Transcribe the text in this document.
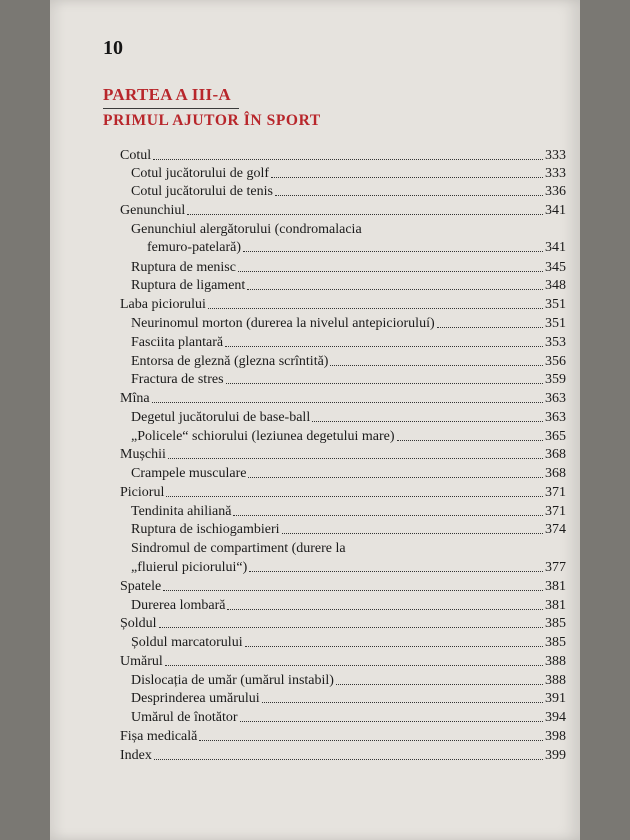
10
PARTEA A III-A
PRIMUL AJUTOR ÎN SPORT
Cotul	333
Cotul jucătorului de golf	333
Cotul jucătorului de tenis	336
Genunchiul	341
Genunchiul alergătorului (condromalacia
femuro-patelară)	341
Ruptura de menisc	345
Ruptura de ligament	348
Laba piciorului	351
Neurinomul morton (durerea la nivelul antepicioruluí)	351
Fasciita plantară	353
Entorsa de gleznă (glezna scrîntită)	356
Fractura de stres	359
Mîna	363
Degetul jucătorului de base-ball	363
„Policele“ schiorului (leziunea degetului mare)	365
Mușchii	368
Crampele musculare	368
Piciorul	371
Tendinita ahiliană	371
Ruptura de ischiogambieri	374
Sindromul de compartiment (durere la
„fluierul piciorului“)	377
Spatele	381
Durerea lombară	381
Șoldul	385
Șoldul marcatorului	385
Umărul	388
Dislocația de umăr (umărul instabil)	388
Desprinderea umărului	391
Umărul de înotător	394
Fișa medicală	398
Index	399
